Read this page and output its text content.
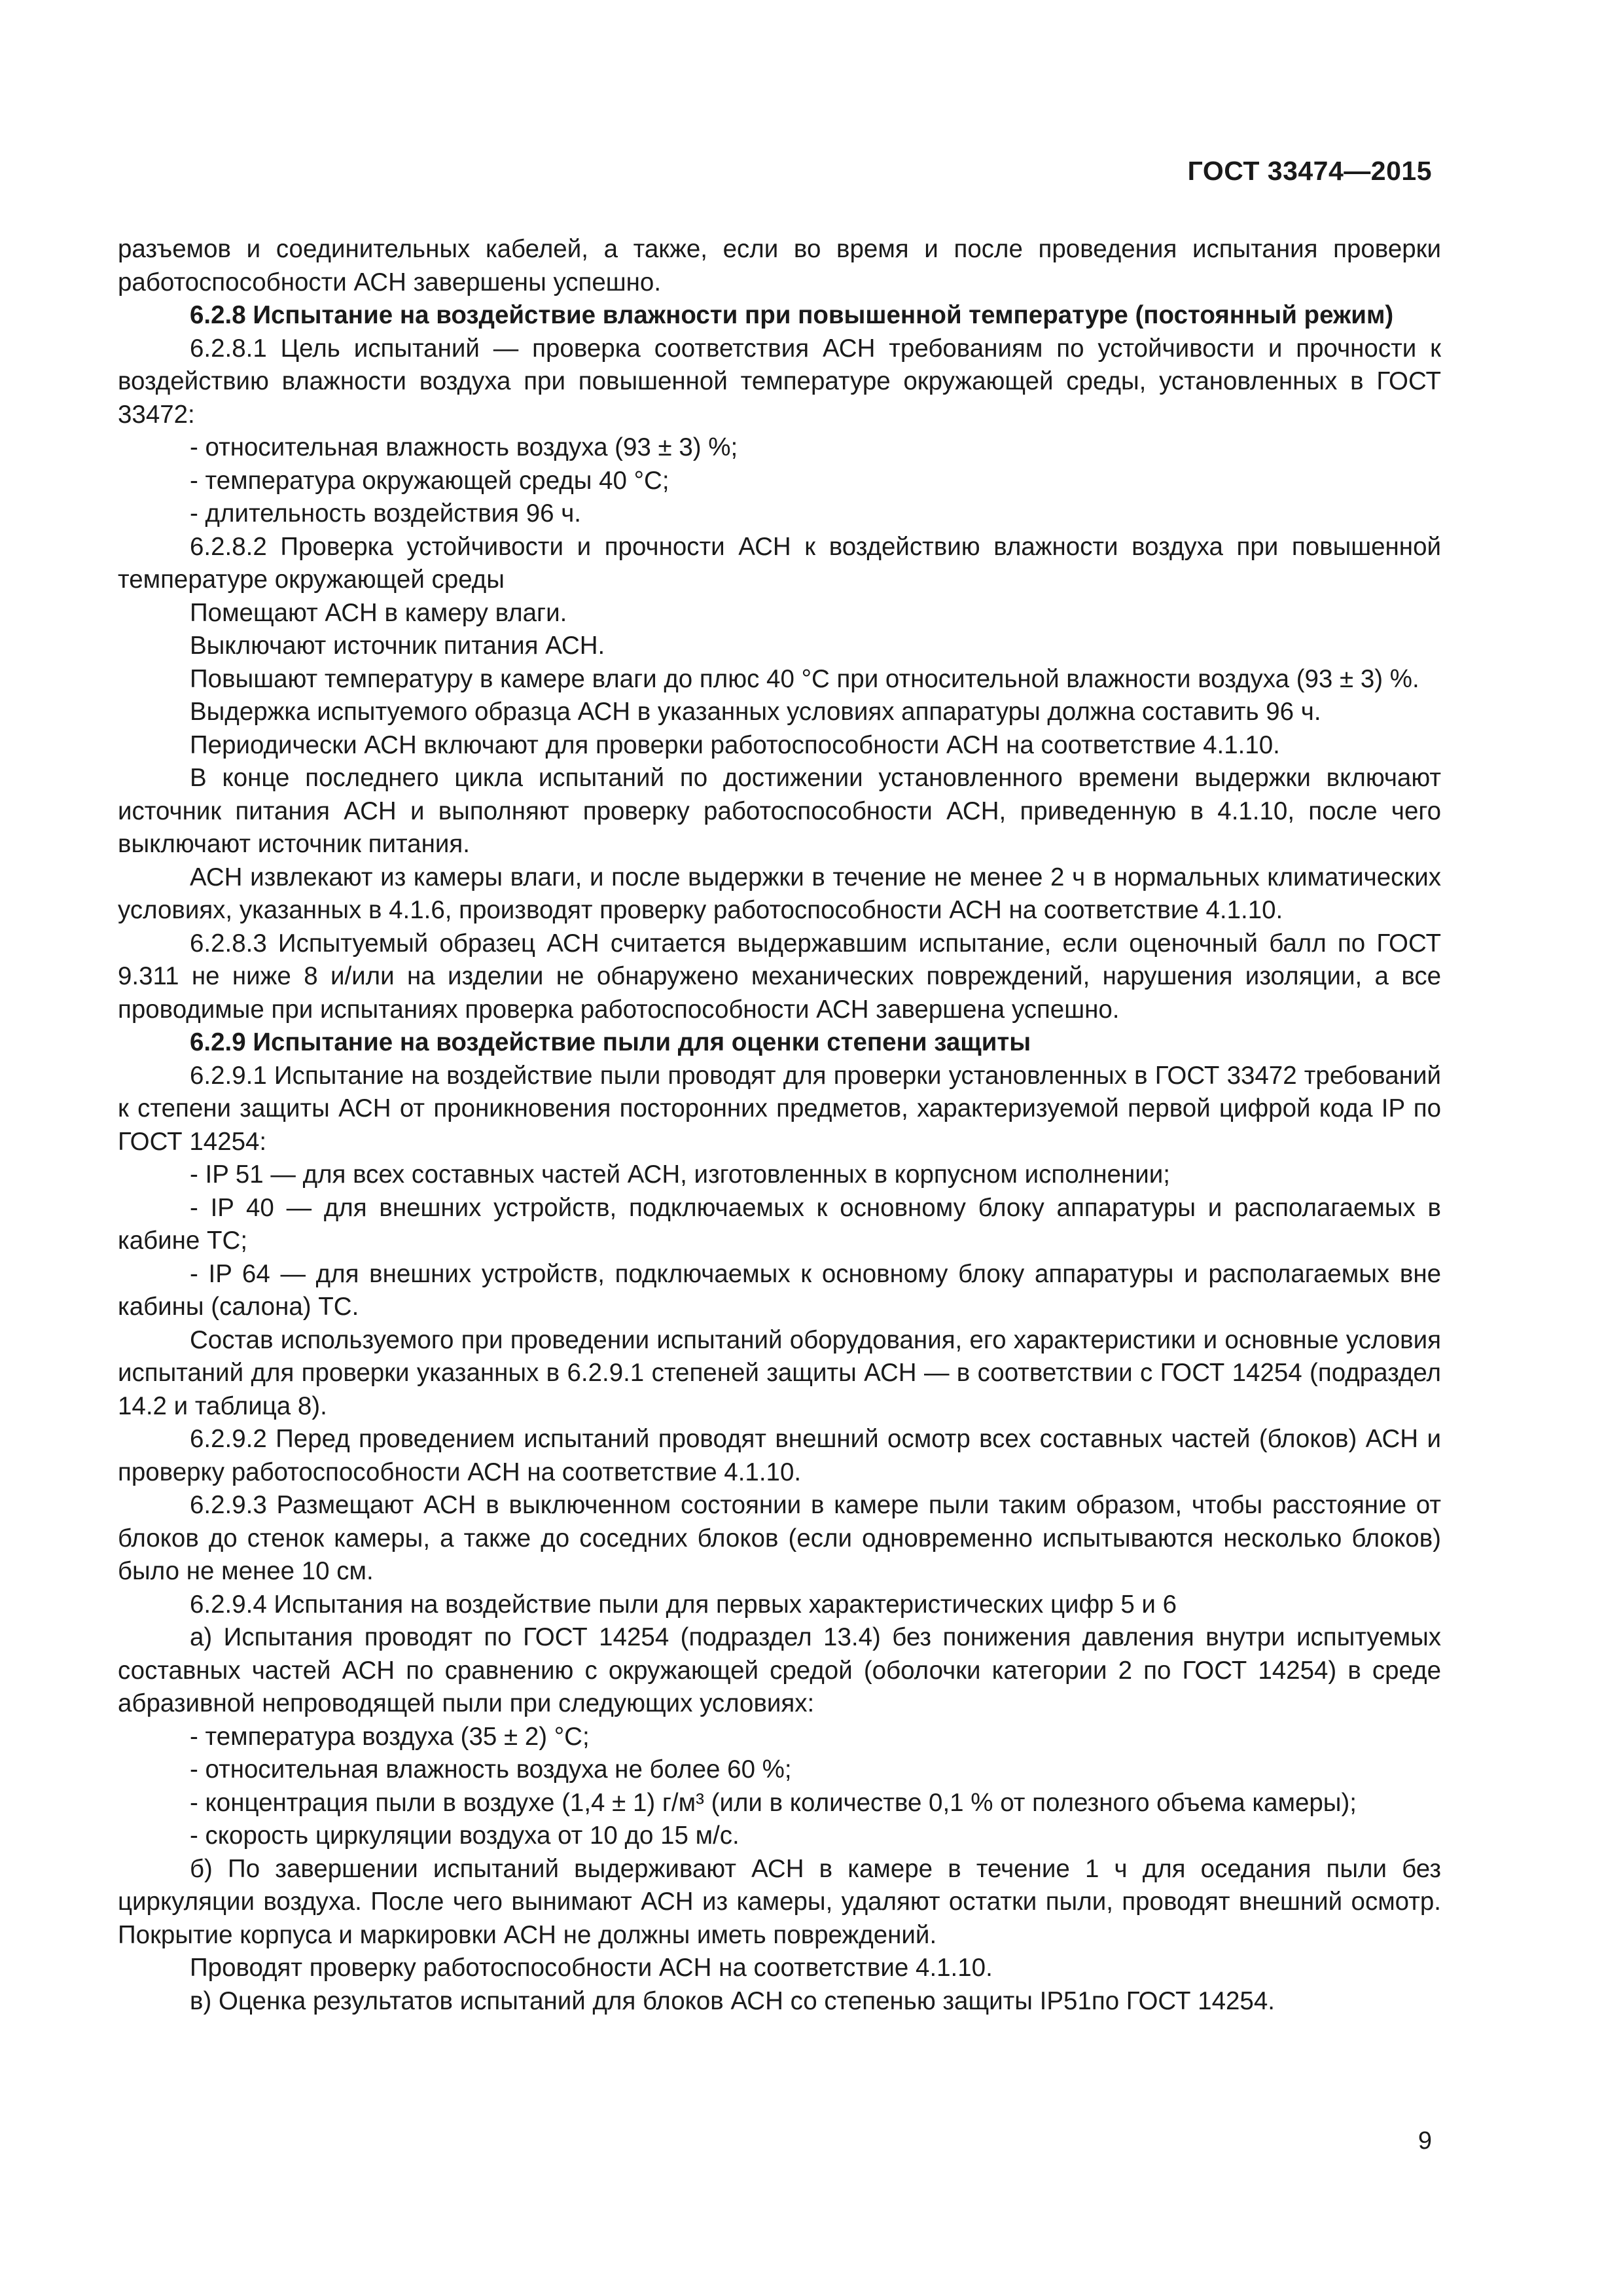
ГОСТ 33474—2015

разъемов и соединительных кабелей, а также, если во время и после проведения испытания проверки работоспособности АСН завершены успешно.

6.2.8 Испытание на воздействие влажности при повышенной температуре (постоянный режим)

6.2.8.1 Цель испытаний — проверка соответствия АСН требованиям по устойчивости и прочности к воздействию влажности воздуха при повышенной температуре окружающей среды, установленных в ГОСТ 33472:

- относительная влажность воздуха (93 ± 3) %;

- температура окружающей среды 40 °С;

- длительность воздействия 96 ч.

6.2.8.2 Проверка устойчивости и прочности АСН к воздействию влажности воздуха при повышенной температуре окружающей среды

Помещают АСН в камеру влаги.

Выключают источник питания АСН.

Повышают температуру в камере влаги до плюс 40 °С при относительной влажности воздуха (93 ± 3) %.

Выдержка испытуемого образца АСН в указанных условиях аппаратуры должна составить 96 ч.

Периодически АСН включают для проверки работоспособности АСН на соответствие 4.1.10.

В конце последнего цикла испытаний по достижении установленного времени выдержки включают источник питания АСН и выполняют проверку работоспособности АСН, приведенную в 4.1.10, после чего выключают источник питания.

АСН извлекают из камеры влаги, и после выдержки в течение не менее 2 ч в нормальных климатических условиях, указанных в 4.1.6, производят проверку работоспособности АСН на соответствие 4.1.10.

6.2.8.3 Испытуемый образец АСН считается выдержавшим испытание, если оценочный балл по ГОСТ 9.311 не ниже 8 и/или на изделии не обнаружено механических повреждений, нарушения изоляции, а все проводимые при испытаниях проверка работоспособности АСН завершена успешно.

6.2.9 Испытание на воздействие пыли для оценки степени защиты

6.2.9.1 Испытание на воздействие пыли проводят для проверки установленных в ГОСТ 33472 требований к степени защиты АСН от проникновения посторонних предметов, характеризуемой первой цифрой кода IP по ГОСТ 14254:

- IP 51 — для всех составных частей АСН, изготовленных в корпусном исполнении;

- IP 40 — для внешних устройств, подключаемых к основному блоку аппаратуры и располагаемых в кабине ТС;

- IP 64 — для внешних устройств, подключаемых к основному блоку аппаратуры и располагаемых вне кабины (салона) ТС.

Состав используемого при проведении испытаний оборудования, его характеристики и основные условия испытаний для проверки указанных в 6.2.9.1 степеней защиты АСН — в соответствии с ГОСТ 14254 (подраздел 14.2 и таблица 8).

6.2.9.2 Перед проведением испытаний проводят внешний осмотр всех составных частей (блоков) АСН и проверку работоспособности АСН на соответствие 4.1.10.

6.2.9.3 Размещают АСН в выключенном состоянии в камере пыли таким образом, чтобы расстояние от блоков до стенок камеры, а также до соседних блоков (если одновременно испытываются несколько блоков) было не менее 10 см.

6.2.9.4 Испытания на воздействие пыли для первых характеристических цифр 5 и 6

а) Испытания проводят по ГОСТ 14254 (подраздел 13.4) без понижения давления внутри испытуемых составных частей АСН по сравнению с окружающей средой (оболочки категории 2 по ГОСТ 14254) в среде абразивной непроводящей пыли при следующих условиях:

- температура воздуха (35 ± 2) °С;

- относительная влажность воздуха не более 60 %;

- концентрация пыли в воздухе (1,4 ± 1) г/м³ (или в количестве 0,1 % от полезного объема камеры);

- скорость циркуляции воздуха от 10 до 15 м/с.

б) По завершении испытаний выдерживают АСН в камере в течение 1 ч для оседания пыли без циркуляции воздуха. После чего вынимают АСН из камеры, удаляют остатки пыли, проводят внешний осмотр. Покрытие корпуса и маркировки АСН не должны иметь повреждений.

Проводят проверку работоспособности АСН на соответствие 4.1.10.

в) Оценка результатов испытаний для блоков АСН со степенью защиты IP51по ГОСТ 14254.

9
